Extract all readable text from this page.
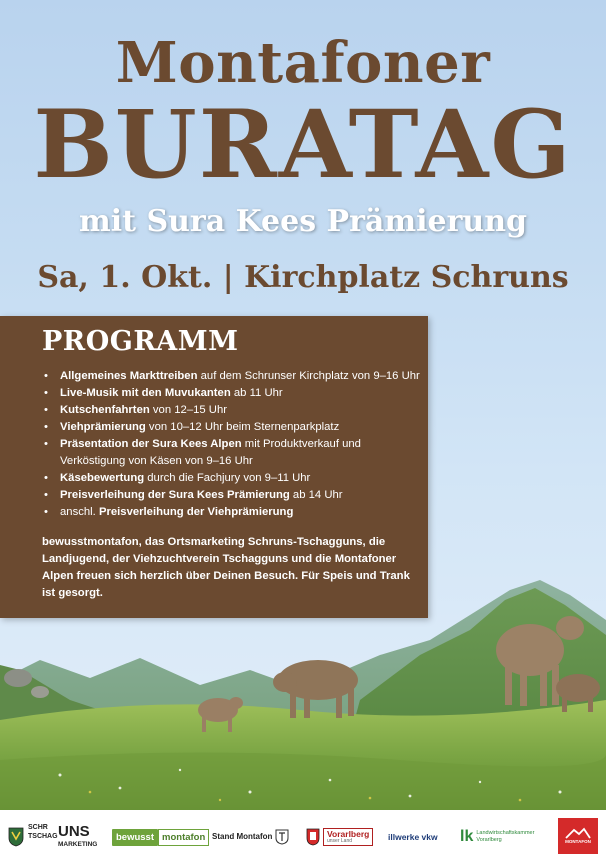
Montafoner
BURATAG
mit Sura Kees Prämierung
Sa, 1. Okt. | Kirchplatz Schruns
PROGRAMM
• Allgemeines Markttreiben auf dem Schrunser Kirchplatz von 9–16 Uhr
• Live-Musik mit den Muvukanten ab 11 Uhr
• Kutschenfahrten von 12–15 Uhr
• Viehprämierung von 10–12 Uhr beim Sternenparkplatz
• Präsentation der Sura Kees Alpen mit Produktverkauf und Verköstigung von Käsen von 9–16 Uhr
• Käsebewertung durch die Fachjury von 9–11 Uhr
• Preisverleihung der Sura Kees Prämierung ab 14 Uhr
• anschl. Preisverleihung der Viehprämierung

bewusstmontafon, das Ortsmarketing Schruns-Tschagguns, die Landjugend, der Viehzuchtverein Tschagguns und die Montafoner Alpen freuen sich herzlich über Deinen Besuch. Für Speis und Trank ist gesorgt.

SCHR
TSCHAG UNS
MARKETING
bewusst montafon Stand Montafon	Vorarlberg
unser Land	illwerke vkw lk Landwirtschaftskammer
Vorarlberg	MONTAFON
